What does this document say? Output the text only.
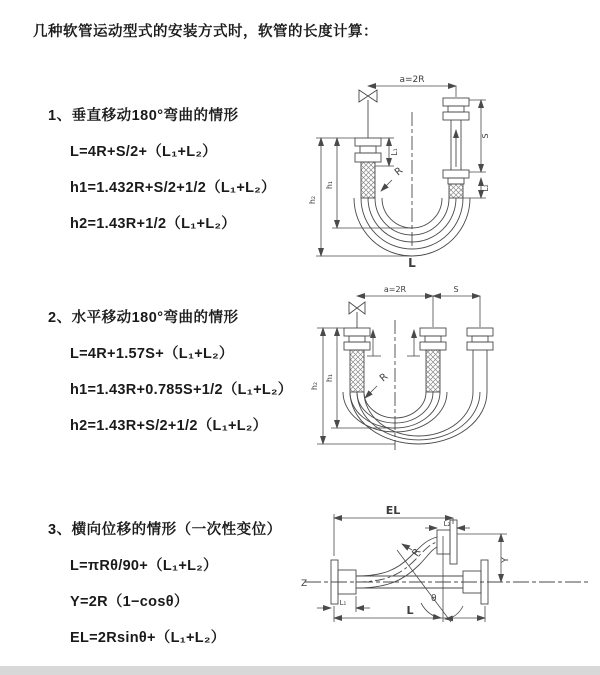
几种软管运动型式的安装方式时，软管的长度计算：
1、垂直移动180°弯曲的情形
L=4R+S/2+（L₁+L₂）
h1=1.432R+S/2+1/2（L₁+L₂）
h2=1.43R+1/2（L₁+L₂）
2、水平移动180°弯曲的情形
L=4R+1.57S+（L₁+L₂）
h1=1.43R+0.785S+1/2（L₁+L₂）
h2=1.43R+S/2+1/2（L₁+L₂）
3、横向位移的情形（一次性变位）
L=πRθ/90+（L₁+L₂）
Y=2R（1−cosθ）
EL=2Rsinθ+（L₁+L₂）
a=2R
S
L₂
L₁
h₁
h₂
R
L
a=2R	S
h₁
h₂
R
EL
L₂
Y
R
θ
L
L₁
Z
